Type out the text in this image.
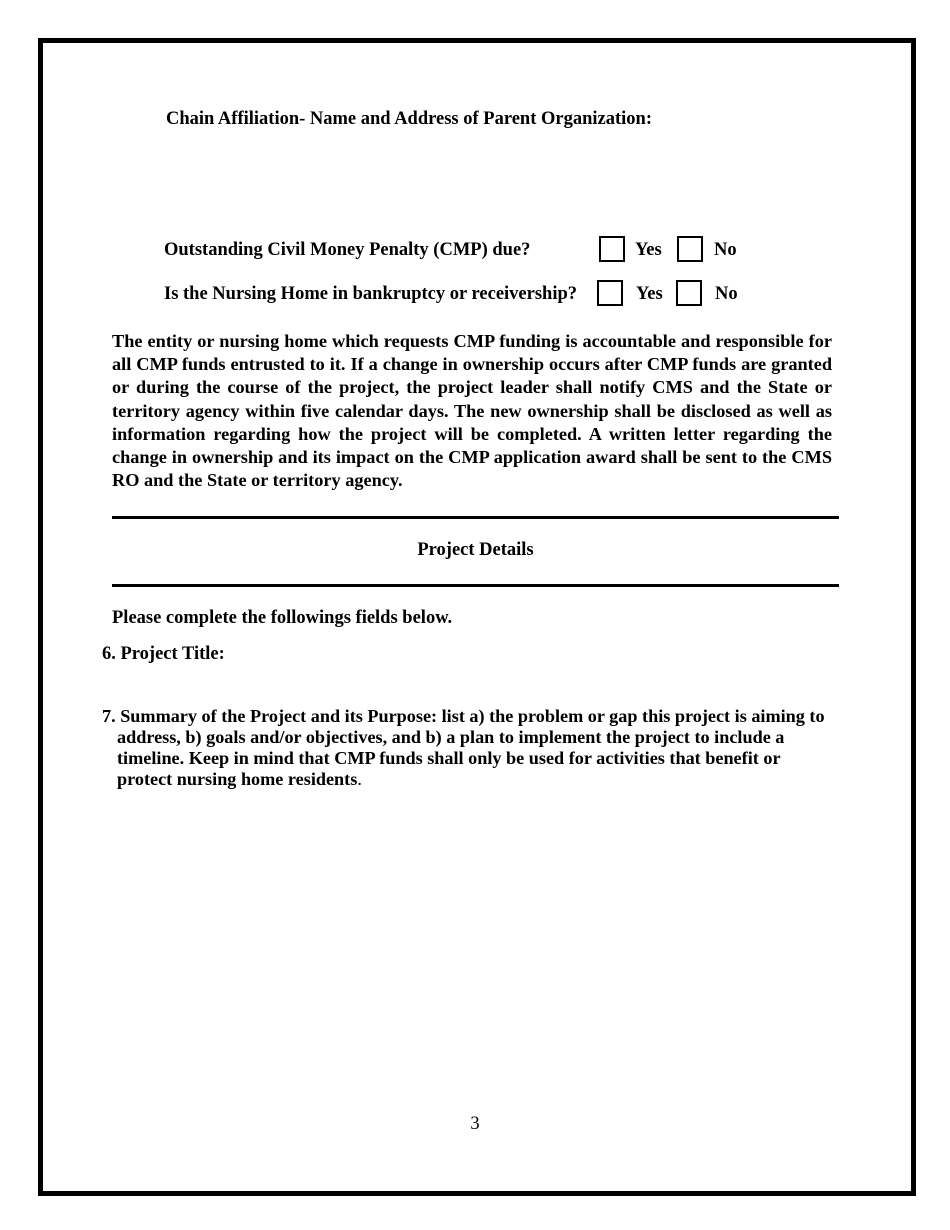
Chain Affiliation- Name and Address of Parent Organization:
Outstanding Civil Money Penalty (CMP) due?	Yes	No
Is the Nursing Home in bankruptcy or receivership?	Yes	No
The entity or nursing home which requests CMP funding is accountable and responsible for all CMP funds entrusted to it. If a change in ownership occurs after CMP funds are granted or during the course of the project, the project leader shall notify CMS and the State or territory agency within five calendar days. The new ownership shall be disclosed as well as information regarding how the project will be completed. A written letter regarding the change in ownership and its impact on the CMP application award shall be sent to the CMS RO and the State or territory agency.
Project Details
Please complete the followings fields below.
6. Project Title:
7. Summary of the Project and its Purpose: list a) the problem or gap this project is aiming to address, b) goals and/or objectives, and b) a plan to implement the project to include a timeline. Keep in mind that CMP funds shall only be used for activities that benefit or protect nursing home residents.
3
